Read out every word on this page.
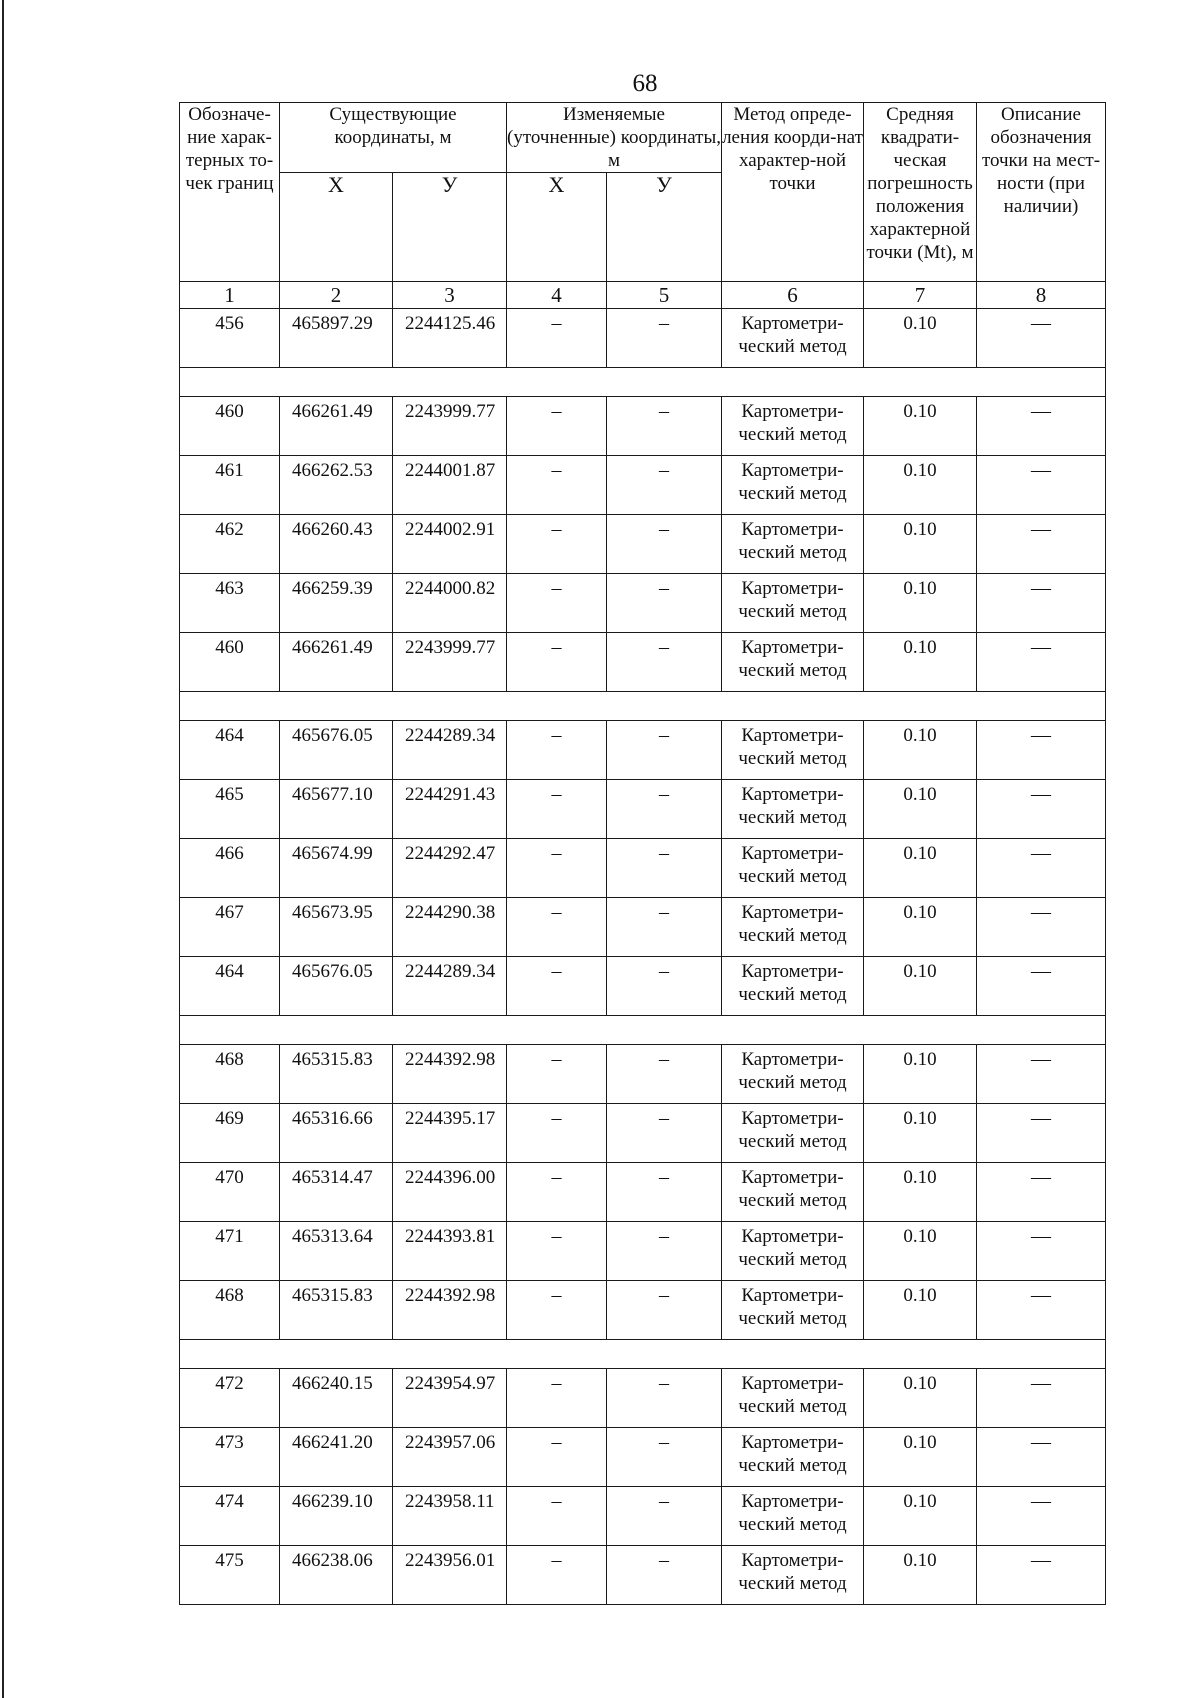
68
Обозначе-ние харак-терных то-чек границ	Существующие координаты, м		Изменяемые (уточненные) координаты, м		Метод опреде-ления коорди-нат характер-ной точки	Средняя квадрати-ческая погрешность положения характерной точки (Mt), м	Описание обозначения точки на мест-ности (при наличии)
	Х	У	Х	У			
1	2	3	4	5	6	7	8
456	465897.29	2244125.46	–	–	Картометри-ческий метод	0.10	—

460	466261.49	2243999.77	–	–	Картометри-ческий метод	0.10	—
461	466262.53	2244001.87	–	–	Картометри-ческий метод	0.10	—
462	466260.43	2244002.91	–	–	Картометри-ческий метод	0.10	—
463	466259.39	2244000.82	–	–	Картометри-ческий метод	0.10	—
460	466261.49	2243999.77	–	–	Картометри-ческий метод	0.10	—

464	465676.05	2244289.34	–	–	Картометри-ческий метод	0.10	—
465	465677.10	2244291.43	–	–	Картометри-ческий метод	0.10	—
466	465674.99	2244292.47	–	–	Картометри-ческий метод	0.10	—
467	465673.95	2244290.38	–	–	Картометри-ческий метод	0.10	—
464	465676.05	2244289.34	–	–	Картометри-ческий метод	0.10	—

468	465315.83	2244392.98	–	–	Картометри-ческий метод	0.10	—
469	465316.66	2244395.17	–	–	Картометри-ческий метод	0.10	—
470	465314.47	2244396.00	–	–	Картометри-ческий метод	0.10	—
471	465313.64	2244393.81	–	–	Картометри-ческий метод	0.10	—
468	465315.83	2244392.98	–	–	Картометри-ческий метод	0.10	—

472	466240.15	2243954.97	–	–	Картометри-ческий метод	0.10	—
473	466241.20	2243957.06	–	–	Картометри-ческий метод	0.10	—
474	466239.10	2243958.11	–	–	Картометри-ческий метод	0.10	—
475	466238.06	2243956.01	–	–	Картометри-ческий метод	0.10	—
